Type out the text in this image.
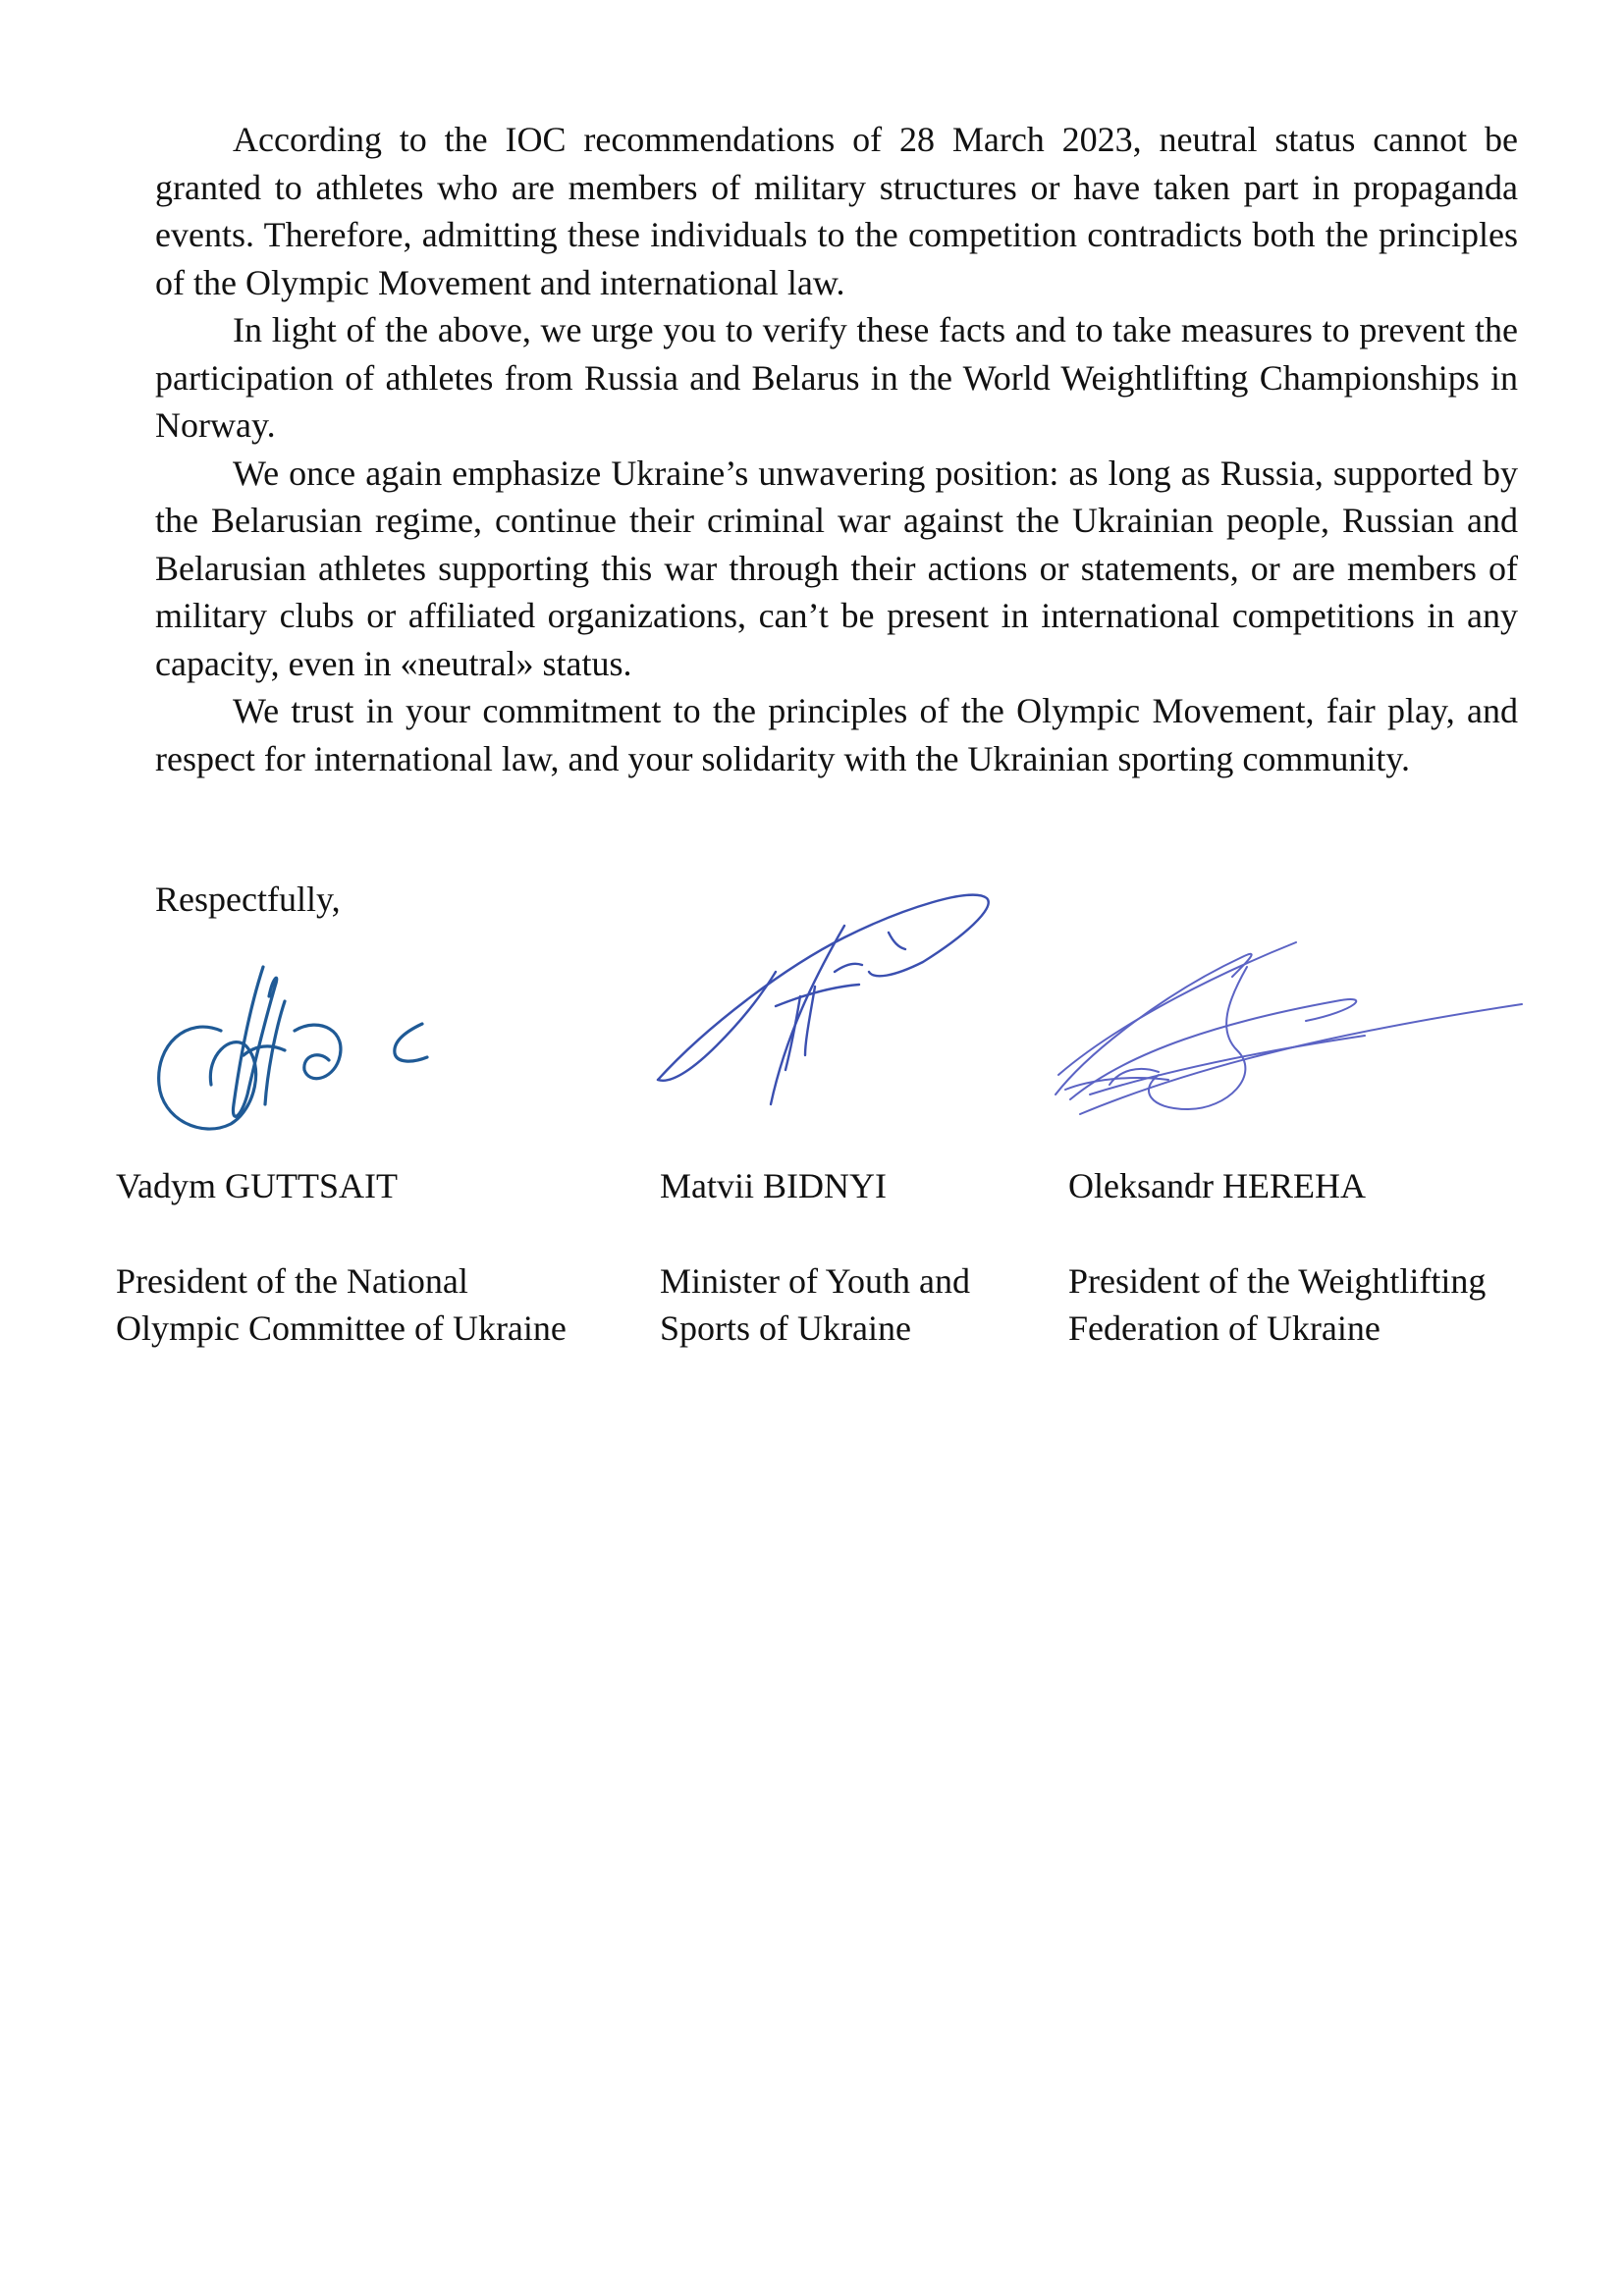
According to the IOC recommendations of 28 March 2023, neutral status cannot be granted to athletes who are members of military structures or have taken part in propaganda events. Therefore, admitting these individuals to the competition contradicts both the principles of the Olympic Movement and international law.

In light of the above, we urge you to verify these facts and to take measures to prevent the participation of athletes from Russia and Belarus in the World Weightlifting Championships in Norway.

We once again emphasize Ukraine’s unwavering position: as long as Russia, supported by the Belarusian regime, continue their criminal war against the Ukrainian people, Russian and Belarusian athletes supporting this war through their actions or statements, or are members of military clubs or affiliated organizations, can’t be present in international competitions in any capacity, even in «neutral» status.

We trust in your commitment to the principles of the Olympic Movement, fair play, and respect for international law, and your solidarity with the Ukrainian sporting community.

Respectfully,
Vadym GUTTSAIT
President of the National
Olympic Committee of Ukraine
Matvii BIDNYI
Minister of Youth and
Sports of Ukraine
Oleksandr HEREHA
President of the Weightlifting
Federation of Ukraine
